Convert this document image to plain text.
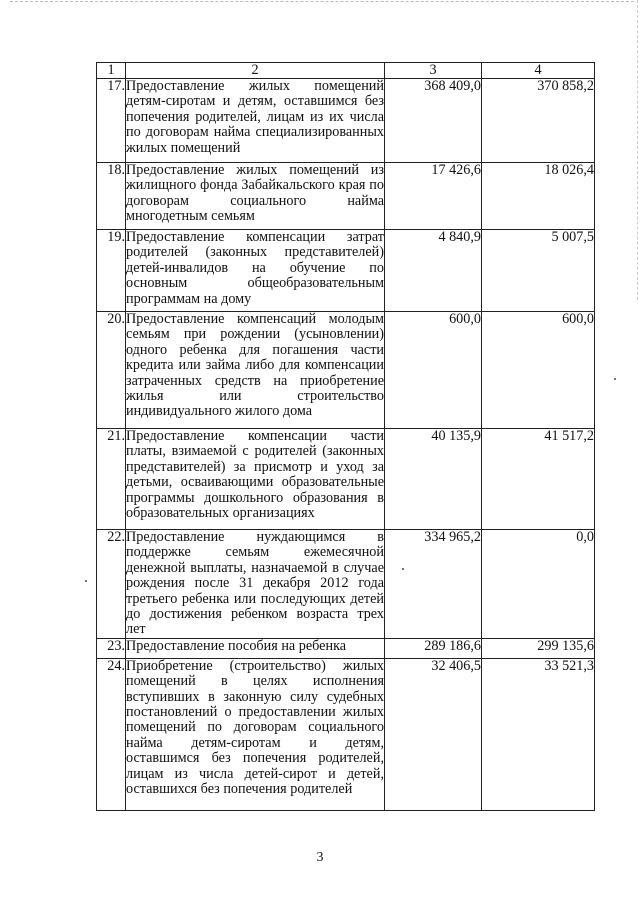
1	2	3	4
17.	Предоставление жилых помещений детям-сиротам и детям, оставшимся без попечения родителей, лицам из их числа по договорам найма специализированных жилых помещений	368 409,0	370 858,2
18.	Предоставление жилых помещений из жилищного фонда Забайкальского края по договорам социального найма многодетным семьям	17 426,6	18 026,4
19.	Предоставление компенсации затрат родителей (законных представителей) детей-инвалидов на обучение по основным общеобразовательным программам на дому	4 840,9	5 007,5
20.	Предоставление компенсаций молодым семьям при рождении (усыновлении) одного ребенка для погашения части кредита или займа либо для компенсации затраченных средств на приобретение жилья или строительство индивидуального жилого дома	600,0	600,0
21.	Предоставление компенсации части платы, взимаемой с родителей (законных представителей) за присмотр и уход за детьми, осваивающими образовательные программы дошкольного образования в образовательных организациях	40 135,9	41 517,2
22.	Предоставление нуждающимся в поддержке семьям ежемесячной денежной выплаты, назначаемой в случае рождения после 31 декабря 2012 года третьего ребенка или последующих детей до достижения ребенком возраста трех лет	334 965,2	0,0
23.	Предоставление пособия на ребенка	289 186,6	299 135,6
24.	Приобретение (строительство) жилых помещений в целях исполнения вступивших в законную силу судебных постановлений о предоставлении жилых помещений по договорам социального найма детям-сиротам и детям, оставшимся без попечения родителей, лицам из числа детей-сирот и детей, оставшихся без попечения родителей	32 406,5	33 521,3
3
